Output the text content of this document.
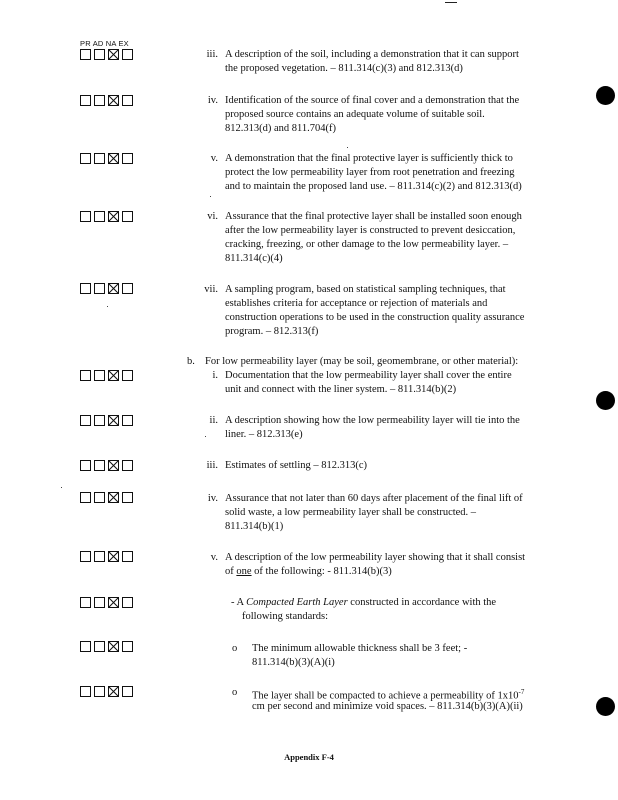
PR AD NA EX
iii. A description of the soil, including a demonstration that it can support
the proposed vegetation. – 811.314(c)(3) and 812.313(d)
iv. Identification of the source of final cover and a demonstration that the
proposed source contains an adequate volume of suitable soil.
812.313(d) and 811.704(f)
v. A demonstration that the final protective layer is sufficiently thick to
protect the low permeability layer from root penetration and freezing
and to maintain the proposed land use. – 811.314(c)(2) and 812.313(d)
vi. Assurance that the final protective layer shall be installed soon enough
after the low permeability layer is constructed to prevent desiccation,
cracking, freezing, or other damage to the low permeability layer. –
811.314(c)(4)
vii. A sampling program, based on statistical sampling techniques, that
establishes criteria for acceptance or rejection of materials and
construction operations to be used in the construction quality assurance
program. – 812.313(f)
b. For low permeability layer (may be soil, geomembrane, or other material):
i. Documentation that the low permeability layer shall cover the entire
unit and connect with the liner system. – 811.314(b)(2)
ii. A description showing how the low permeability layer will tie into the
liner. – 812.313(e)
iii. Estimates of settling – 812.313(c)
iv. Assurance that not later than 60 days after placement of the final lift of
solid waste, a low permeability layer shall be constructed. –
811.314(b)(1)
v. A description of the low permeability layer showing that it shall consist
of one of the following: - 811.314(b)(3)
- A Compacted Earth Layer constructed in accordance with the
following standards:
o The minimum allowable thickness shall be 3 feet; -
811.314(b)(3)(A)(i)
o The layer shall be compacted to achieve a permeability of $1x10^{-7}$
cm per second and minimize void spaces. – 811.314(b)(3)(A)(ii)
Appendix F-4
